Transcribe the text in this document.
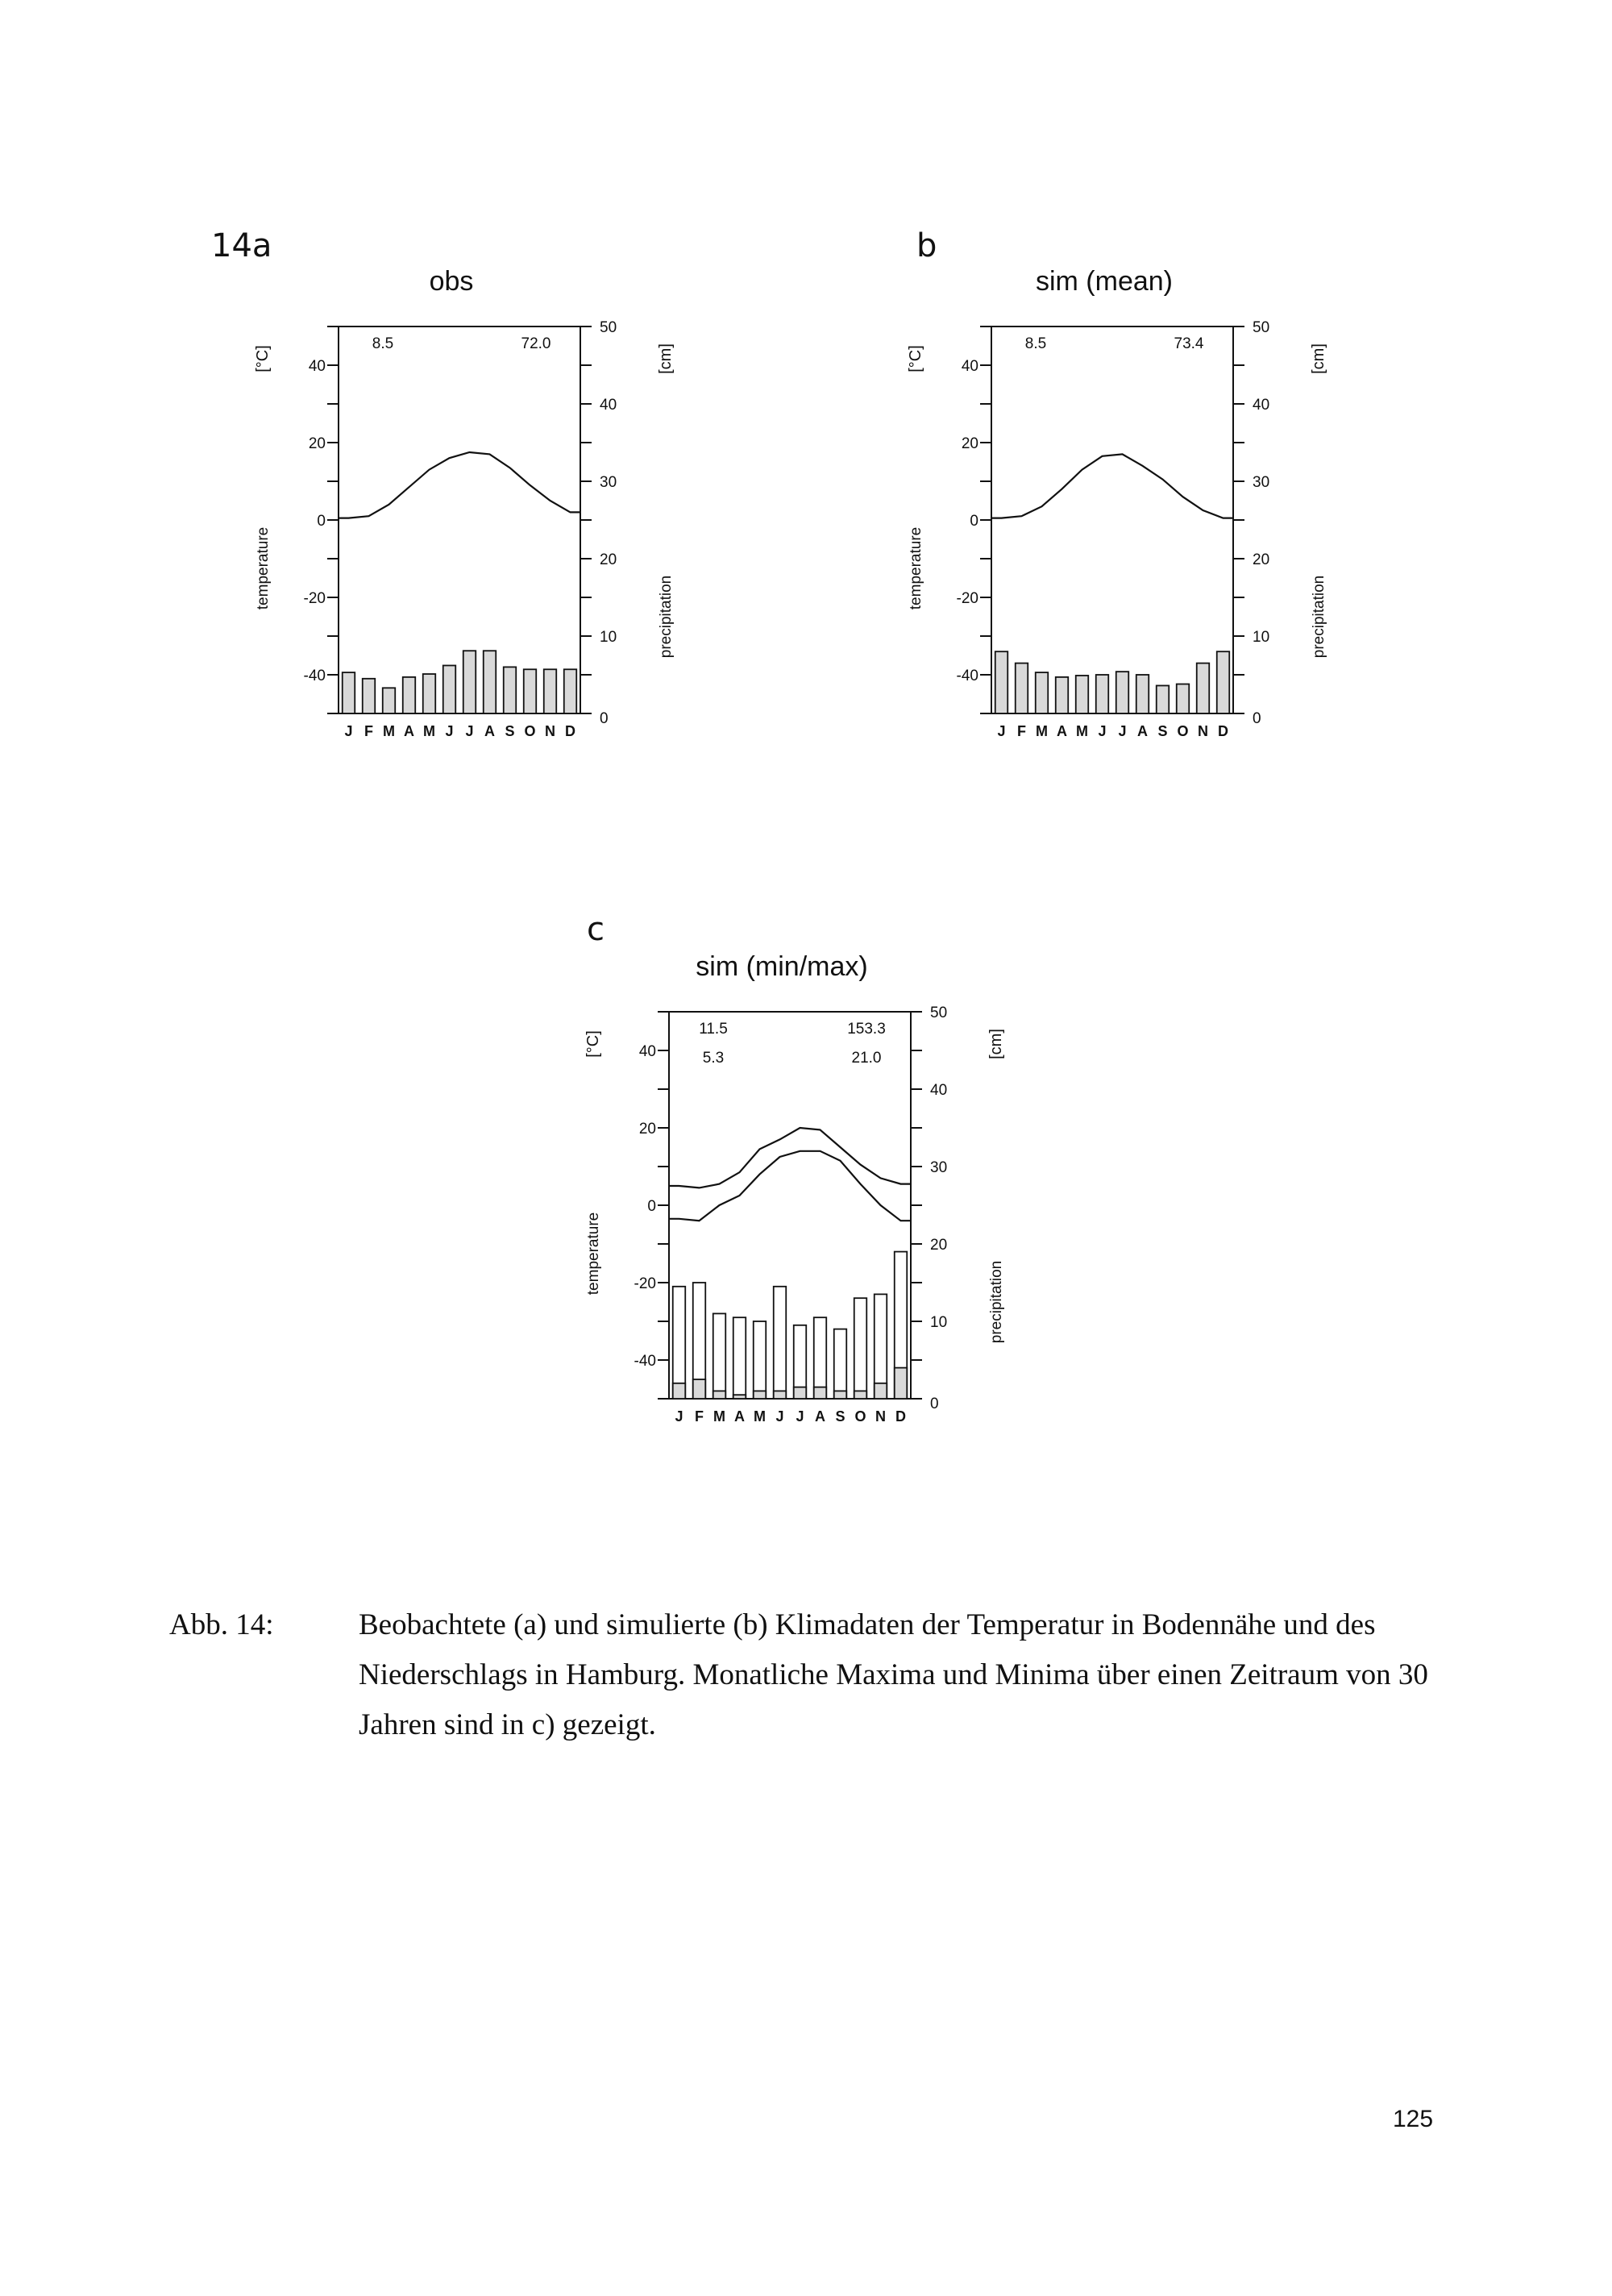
14a	b
c
obs
40
20
0
-20
-40
50
40
30
20
10
0
temperature
[°C]
precipitation
[cm]
J F M A M J J A S O N D
8.5	72.0
sim (mean)
40
20
0
-20
-40
50
40
30
20
10
0
temperature
[°C]
precipitation
[cm]
J F M A M J J A S O N D
8.5	73.4
sim (min/max)
40
20
0
-20
-40
50
40
30
20
10
0
temperature
[°C]
precipitation
[cm]
J F M A M J J A S O N D
11.5	153.3
5.3	21.0
Abb. 14:	Beobachtete (a) und simulierte (b) Klimadaten der Temperatur in Bodennähe und des Niederschlags in Hamburg. Monatliche Maxima und Minima über einen Zeitraum von 30 Jahren sind in c) gezeigt.
125
